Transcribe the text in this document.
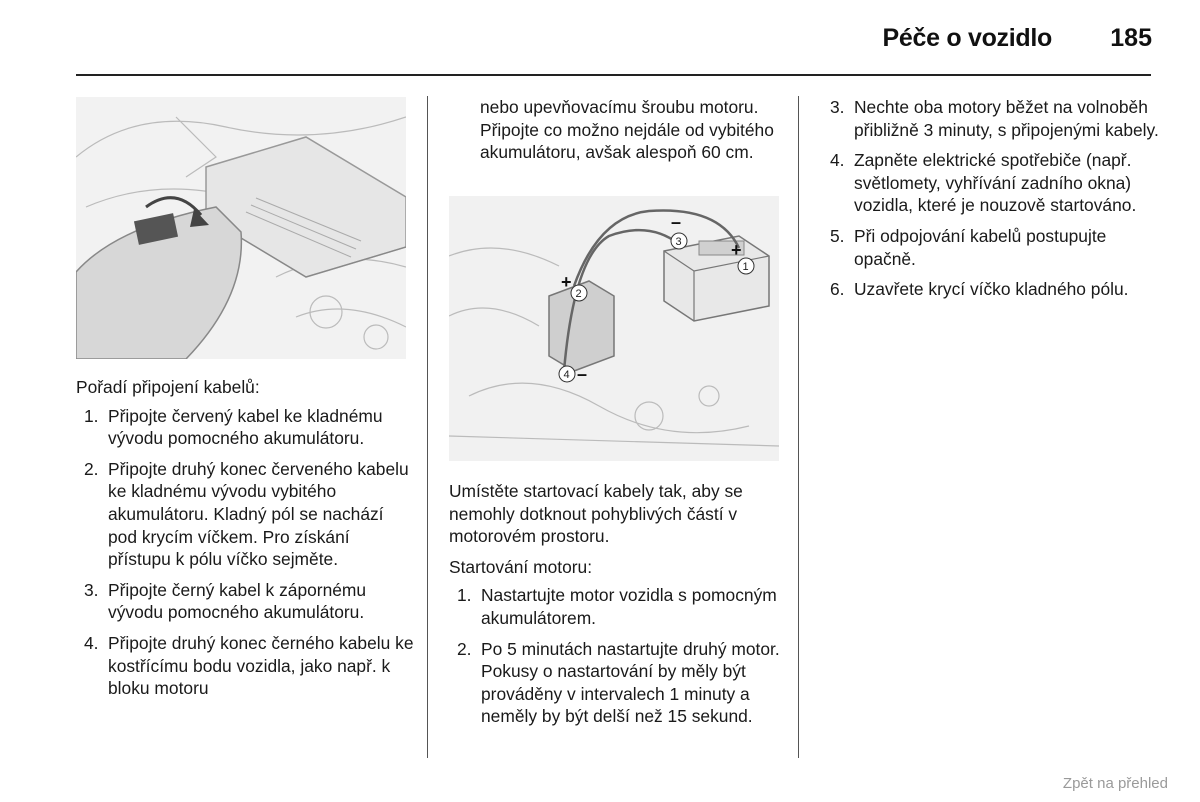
Péče o vozidlo 185

Pořadí připojení kabelů:

1. Připojte červený kabel ke kladnému vývodu pomocného akumulátoru.
2. Připojte druhý konec červeného kabelu ke kladnému vývodu vybitého akumulátoru. Kladný pól se nachází pod krycím víčkem. Pro získání přístupu k pólu víčko sejměte.
3. Připojte černý kabel k zápornému vývodu pomocného akumulátoru.
4. Připojte druhý konec černého kabelu ke kostřícímu bodu vozidla, jako např. k bloku motoru

nebo upevňovacímu šroubu motoru. Připojte co možno nejdále od vybitého akumulátoru, avšak alespoň 60 cm.

1
2
3
4
+
+
–
–

Umístěte startovací kabely tak, aby se nemohly dotknout pohyblivých částí v motorovém prostoru.

Startování motoru:

1. Nastartujte motor vozidla s pomocným akumulátorem.
2. Po 5 minutách nastartujte druhý motor. Pokusy o nastartování by měly být prováděny v intervalech 1 minuty a neměly by být delší než 15 sekund.
3. Nechte oba motory běžet na volnoběh přibližně 3 minuty, s připojenými kabely.
4. Zapněte elektrické spotřebiče (např. světlomety, vyhřívání zadního okna) vozidla, které je nouzově startováno.
5. Při odpojování kabelů postupujte opačně.
6. Uzavřete krycí víčko kladného pólu.
Zpět na přehled
